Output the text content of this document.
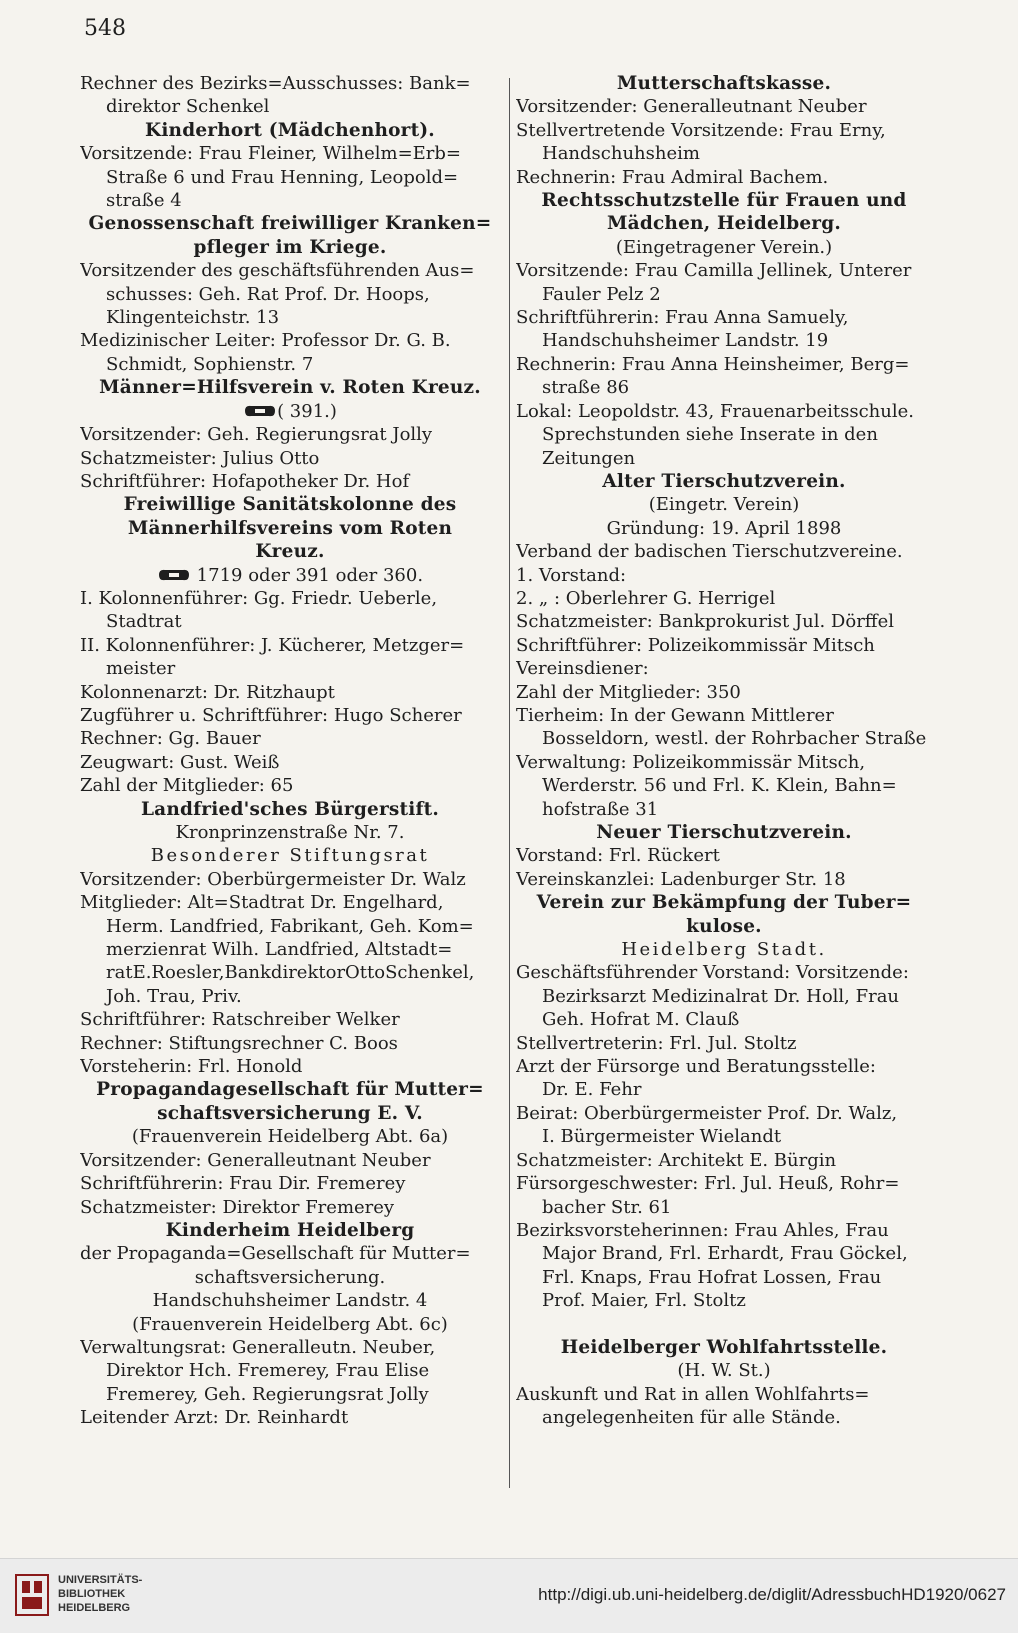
548
Rechner des Bezirks=Ausschusses: Bank=
direktor Schenkel
Kinderhort (Mädchenhort).
Vorsitzende: Frau Fleiner, Wilhelm=Erb=
Straße 6 und Frau Henning, Leopold=
straße 4
Genossenschaft freiwilliger Kranken=
pfleger im Kriege.
Vorsitzender des geschäftsführenden Aus=
schusses: Geh. Rat Prof. Dr. Hoops,
Klingenteichstr. 13
Medizinischer Leiter: Professor Dr. G. B.
Schmidt, Sophienstr. 7
Männer=Hilfsverein v. Roten Kreuz.
( 391.)
Vorsitzender: Geh. Regierungsrat Jolly
Schatzmeister: Julius Otto
Schriftführer: Hofapotheker Dr. Hof
Freiwillige Sanitätskolonne des
Männerhilfsvereins vom Roten
Kreuz.
1719 oder 391 oder 360.
I. Kolonnenführer: Gg. Friedr. Ueberle,
Stadtrat
II. Kolonnenführer: J. Kücherer, Metzger=
meister
Kolonnenarzt: Dr. Ritzhaupt
Zugführer u. Schriftführer: Hugo Scherer
Rechner: Gg. Bauer
Zeugwart: Gust. Weiß
Zahl der Mitglieder: 65
Landfried'sches Bürgerstift.
Kronprinzenstraße Nr. 7.
Besonderer Stiftungsrat
Vorsitzender: Oberbürgermeister Dr. Walz
Mitglieder: Alt=Stadtrat Dr. Engelhard,
Herm. Landfried, Fabrikant, Geh. Kom=
merzienrat Wilh. Landfried, Altstadt=
ratE.Roesler,BankdirektorOttoSchenkel,
Joh. Trau, Priv.
Schriftführer: Ratschreiber Welker
Rechner: Stiftungsrechner C. Boos
Vorsteherin: Frl. Honold
Propagandagesellschaft für Mutter=
schaftsversicherung E. V.
(Frauenverein Heidelberg Abt. 6a)
Vorsitzender: Generalleutnant Neuber
Schriftführerin: Frau Dir. Fremerey
Schatzmeister: Direktor Fremerey
Kinderheim Heidelberg
der Propaganda=Gesellschaft für Mutter=
schaftsversicherung.
Handschuhsheimer Landstr. 4
(Frauenverein Heidelberg Abt. 6c)
Verwaltungsrat: Generalleutn. Neuber,
Direktor Hch. Fremerey, Frau Elise
Fremerey, Geh. Regierungsrat Jolly
Leitender Arzt: Dr. Reinhardt
Mutterschaftskasse.
Vorsitzender: Generalleutnant Neuber
Stellvertretende Vorsitzende: Frau Erny,
Handschuhsheim
Rechnerin: Frau Admiral Bachem.
Rechtsschutzstelle für Frauen und
Mädchen, Heidelberg.
(Eingetragener Verein.)
Vorsitzende: Frau Camilla Jellinek, Unterer
Fauler Pelz 2
Schriftführerin: Frau Anna Samuely,
Handschuhsheimer Landstr. 19
Rechnerin: Frau Anna Heinsheimer, Berg=
straße 86
Lokal: Leopoldstr. 43, Frauenarbeitsschule.
Sprechstunden siehe Inserate in den
Zeitungen
Alter Tierschutzverein.
(Eingetr. Verein)
Gründung: 19. April 1898
Verband der badischen Tierschutzvereine.
1. Vorstand:
2. „ : Oberlehrer G. Herrigel
Schatzmeister: Bankprokurist Jul. Dörffel
Schriftführer: Polizeikommissär Mitsch
Vereinsdiener:
Zahl der Mitglieder: 350
Tierheim: In der Gewann Mittlerer
Bosseldorn, westl. der Rohrbacher Straße
Verwaltung: Polizeikommissär Mitsch,
Werderstr. 56 und Frl. K. Klein, Bahn=
hofstraße 31
Neuer Tierschutzverein.
Vorstand: Frl. Rückert
Vereinskanzlei: Ladenburger Str. 18
Verein zur Bekämpfung der Tuber=
kulose.
Heidelberg Stadt.
Geschäftsführender Vorstand: Vorsitzende:
Bezirksarzt Medizinalrat Dr. Holl, Frau
Geh. Hofrat M. Clauß
Stellvertreterin: Frl. Jul. Stoltz
Arzt der Fürsorge und Beratungsstelle:
Dr. E. Fehr
Beirat: Oberbürgermeister Prof. Dr. Walz,
I. Bürgermeister Wielandt
Schatzmeister: Architekt E. Bürgin
Fürsorgeschwester: Frl. Jul. Heuß, Rohr=
bacher Str. 61
Bezirksvorsteherinnen: Frau Ahles, Frau
Major Brand, Frl. Erhardt, Frau Göckel,
Frl. Knaps, Frau Hofrat Lossen, Frau
Prof. Maier, Frl. Stoltz

Heidelberger Wohlfahrtsstelle.
(H. W. St.)
Auskunft und Rat in allen Wohlfahrts=
angelegenheiten für alle Stände.
UNIVERSITÄTS-
BIBLIOTHEK
HEIDELBERG
http://digi.ub.uni-heidelberg.de/diglit/AdressbuchHD1920/0627
